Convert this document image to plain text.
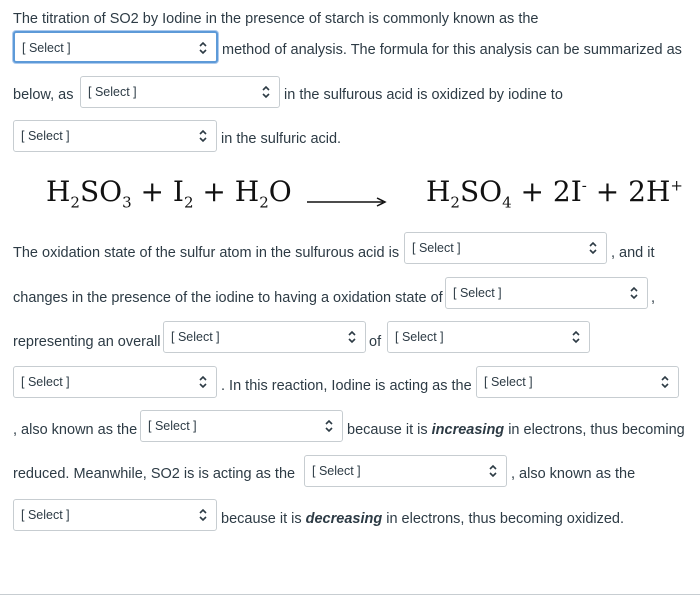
The titration of SO2 by Iodine in the presence of starch is commonly known as the
[ Select ]	method of analysis. The formula for this analysis can be summarized as
below, as [ Select ]	in the sulfurous acid is oxidized by iodine to
[ Select ]	in the sulfuric acid.
$H_2SO_3 + I_2 + H_2O$	$H_2SO_4 + 2I^- + 2H^+$
The oxidation state of the sulfur atom in the sulfurous acid is [ Select ]	, and it
changes in the presence of the iodine to having a oxidation state of [ Select ]	,
representing an overall [ Select ]	of [ Select ]
[ Select ]	. In this reaction, Iodine is acting as the [ Select ]
, also known as the [ Select ]	because it is increasing in electrons, thus becoming
reduced. Meanwhile, SO2 is is acting as the [ Select ]	, also known as the
[ Select ]	because it is decreasing in electrons, thus becoming oxidized.
